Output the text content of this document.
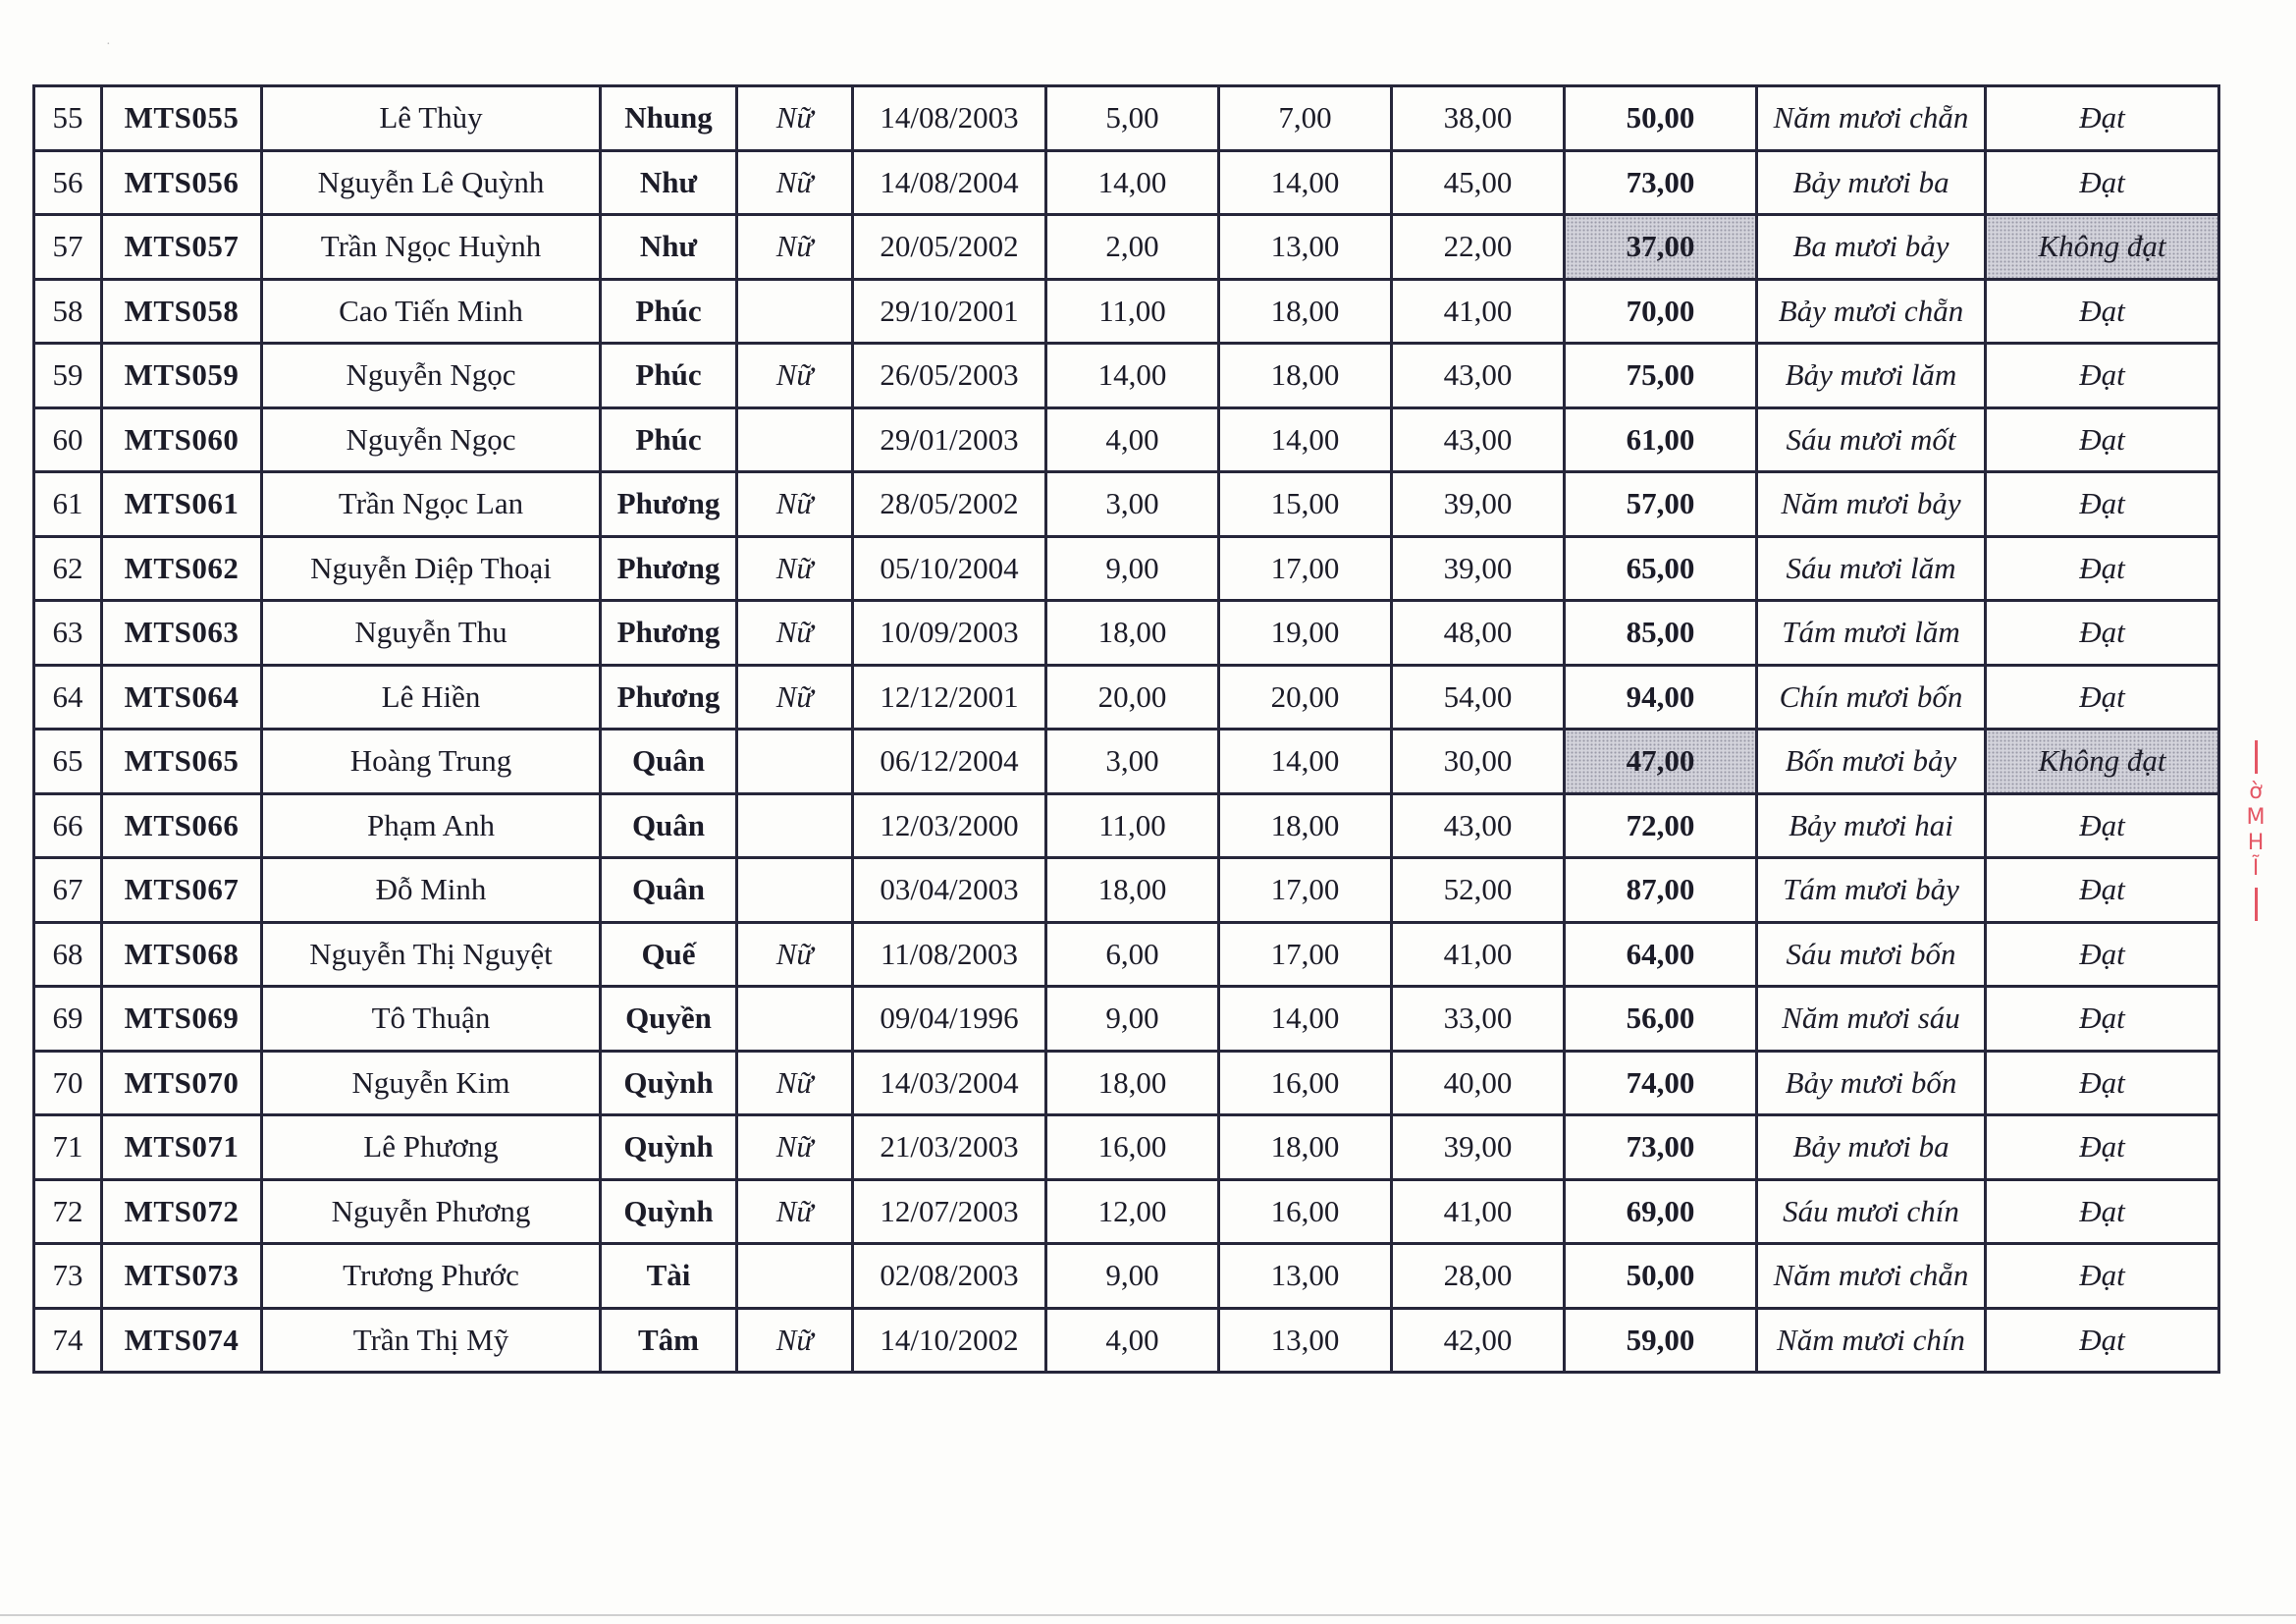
·
55	MTS055	Lê Thùy	Nhung	Nữ	14/08/2003	5,00	7,00	38,00	50,00	Năm mươi chẵn	Đạt
56	MTS056	Nguyễn Lê Quỳnh	Như	Nữ	14/08/2004	14,00	14,00	45,00	73,00	Bảy mươi ba	Đạt
57	MTS057	Trần Ngọc Huỳnh	Như	Nữ	20/05/2002	2,00	13,00	22,00	37,00	Ba mươi bảy	Không đạt
58	MTS058	Cao Tiến Minh	Phúc		29/10/2001	11,00	18,00	41,00	70,00	Bảy mươi chẵn	Đạt
59	MTS059	Nguyễn Ngọc	Phúc	Nữ	26/05/2003	14,00	18,00	43,00	75,00	Bảy mươi lăm	Đạt
60	MTS060	Nguyễn Ngọc	Phúc		29/01/2003	4,00	14,00	43,00	61,00	Sáu mươi mốt	Đạt
61	MTS061	Trần Ngọc Lan	Phương	Nữ	28/05/2002	3,00	15,00	39,00	57,00	Năm mươi bảy	Đạt
62	MTS062	Nguyễn Diệp Thoại	Phương	Nữ	05/10/2004	9,00	17,00	39,00	65,00	Sáu mươi lăm	Đạt
63	MTS063	Nguyễn Thu	Phương	Nữ	10/09/2003	18,00	19,00	48,00	85,00	Tám mươi lăm	Đạt
64	MTS064	Lê Hiền	Phương	Nữ	12/12/2001	20,00	20,00	54,00	94,00	Chín mươi bốn	Đạt
65	MTS065	Hoàng Trung	Quân		06/12/2004	3,00	14,00	30,00	47,00	Bốn mươi bảy	Không đạt
66	MTS066	Phạm Anh	Quân		12/03/2000	11,00	18,00	43,00	72,00	Bảy mươi hai	Đạt
67	MTS067	Đỗ Minh	Quân		03/04/2003	18,00	17,00	52,00	87,00	Tám mươi bảy	Đạt
68	MTS068	Nguyễn Thị Nguyệt	Quế	Nữ	11/08/2003	6,00	17,00	41,00	64,00	Sáu mươi bốn	Đạt
69	MTS069	Tô Thuận	Quyền		09/04/1996	9,00	14,00	33,00	56,00	Năm mươi sáu	Đạt
70	MTS070	Nguyễn Kim	Quỳnh	Nữ	14/03/2004	18,00	16,00	40,00	74,00	Bảy mươi bốn	Đạt
71	MTS071	Lê Phương	Quỳnh	Nữ	21/03/2003	16,00	18,00	39,00	73,00	Bảy mươi ba	Đạt
72	MTS072	Nguyễn Phương	Quỳnh	Nữ	12/07/2003	12,00	16,00	41,00	69,00	Sáu mươi chín	Đạt
73	MTS073	Trương Phước	Tài		02/08/2003	9,00	13,00	28,00	50,00	Năm mươi chẵn	Đạt
74	MTS074	Trần Thị Mỹ	Tâm	Nữ	14/10/2002	4,00	13,00	42,00	59,00	Năm mươi chín	Đạt
ờ
M
H
Ĩ
